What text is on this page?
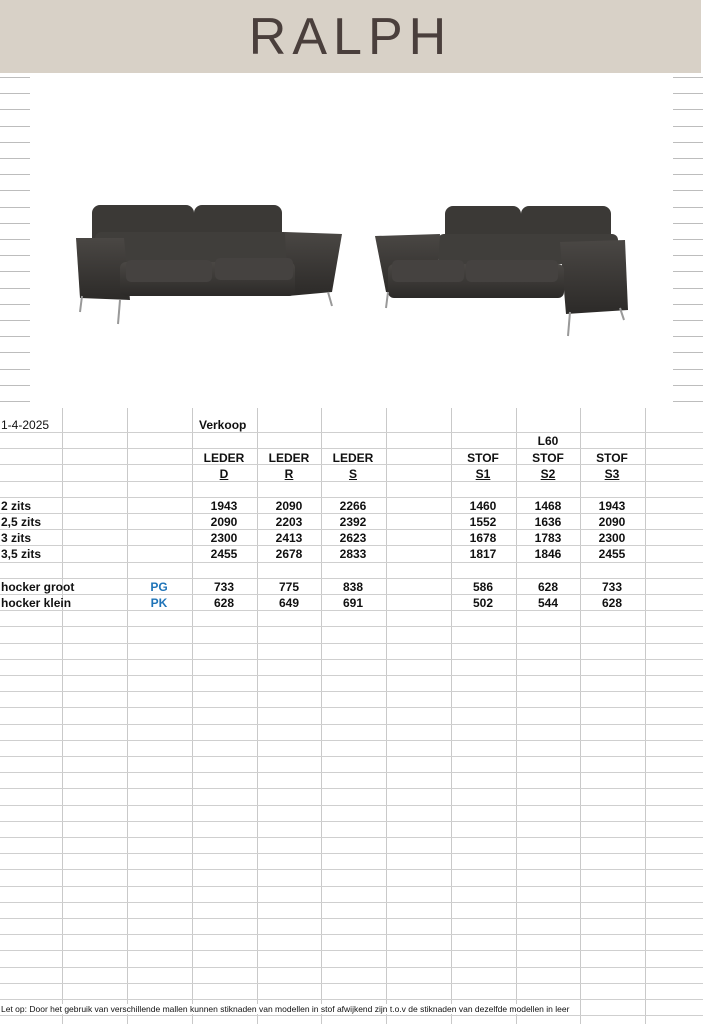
RALPH
1-4-2025	Verkoop
L60
LEDER	LEDER	LEDER	STOF	STOF	STOF
D	R	S	S1	S2	S3
2 zits	1943	2090	2266	1460	1468	1943
2,5 zits	2090	2203	2392	1552	1636	2090
3 zits	2300	2413	2623	1678	1783	2300
3,5 zits	2455	2678	2833	1817	1846	2455
hocker groot	PG	733	775	838	586	628	733
hocker klein	PK	628	649	691	502	544	628
Let op: Door het gebruik van verschillende mallen kunnen stiknaden van modellen in stof afwijkend zijn t.o.v de stiknaden van dezelfde modellen in leer
